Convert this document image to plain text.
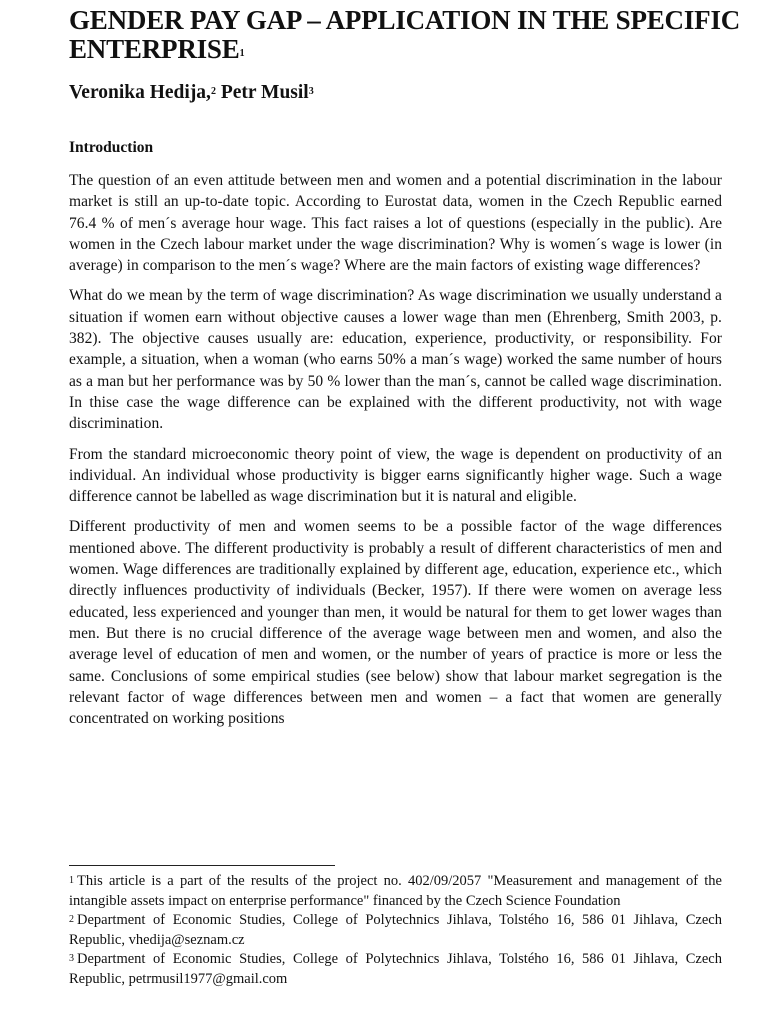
GENDER PAY GAP – APPLICATION IN THE SPECIFIC ENTERPRISE$^1$

Veronika Hedija,$^2$ Petr Musil$^3$

Introduction

The question of an even attitude between men and women and a potential discrimination in the labour market is still an up-to-date topic. According to Eurostat data, women in the Czech Republic earned 76.4 % of men´s average hour wage. This fact raises a lot of questions (especially in the public). Are women in the Czech labour market under the wage discrimination? Why is women´s wage is lower (in average) in comparison to the men´s wage? Where are the main factors of existing wage differences?

What do we mean by the term of wage discrimination? As wage discrimination we usually understand a situation if women earn without objective causes a lower wage than men (Ehrenberg, Smith 2003, p. 382). The objective causes usually are: education, experience, productivity, or responsibility. For example, a situation, when a woman (who earns 50% a man´s wage) worked the same number of hours as a man but her performance was by 50 % lower than the man´s, cannot be called wage discrimination. In thise case the wage difference can be explained with the different productivity, not with wage discrimination.

From the standard microeconomic theory point of view, the wage is dependent on productivity of an individual. An individual whose productivity is bigger earns significantly higher wage. Such a wage difference cannot be labelled as wage discrimination but it is natural and eligible.

Different productivity of men and women seems to be a possible factor of the wage differences mentioned above. The different productivity is probably a result of different characteristics of men and women. Wage differences are traditionally explained by different age, education, experience etc., which directly influences productivity of individuals (Becker, 1957). If there were women on average less educated, less experienced and younger than men, it would be natural for them to get lower wages than men. But there is no crucial difference of the average wage between men and women, and also the average level of education of men and women, or the number of years of practice is more or less the same. Conclusions of some empirical studies (see below) show that labour market segregation is the relevant factor of wage differences between men and women – a fact that women are generally concentrated on working positions

$^1$ This article is a part of the results of the project no. 402/09/2057 "Measurement and management of the intangible assets impact on enterprise performance" financed by the Czech Science Foundation

$^2$ Department of Economic Studies, College of Polytechnics Jihlava, Tolstého 16, 586 01 Jihlava, Czech Republic, vhedija@seznam.cz

$^3$ Department of Economic Studies, College of Polytechnics Jihlava, Tolstého 16, 586 01 Jihlava, Czech Republic, petrmusil1977@gmail.com
